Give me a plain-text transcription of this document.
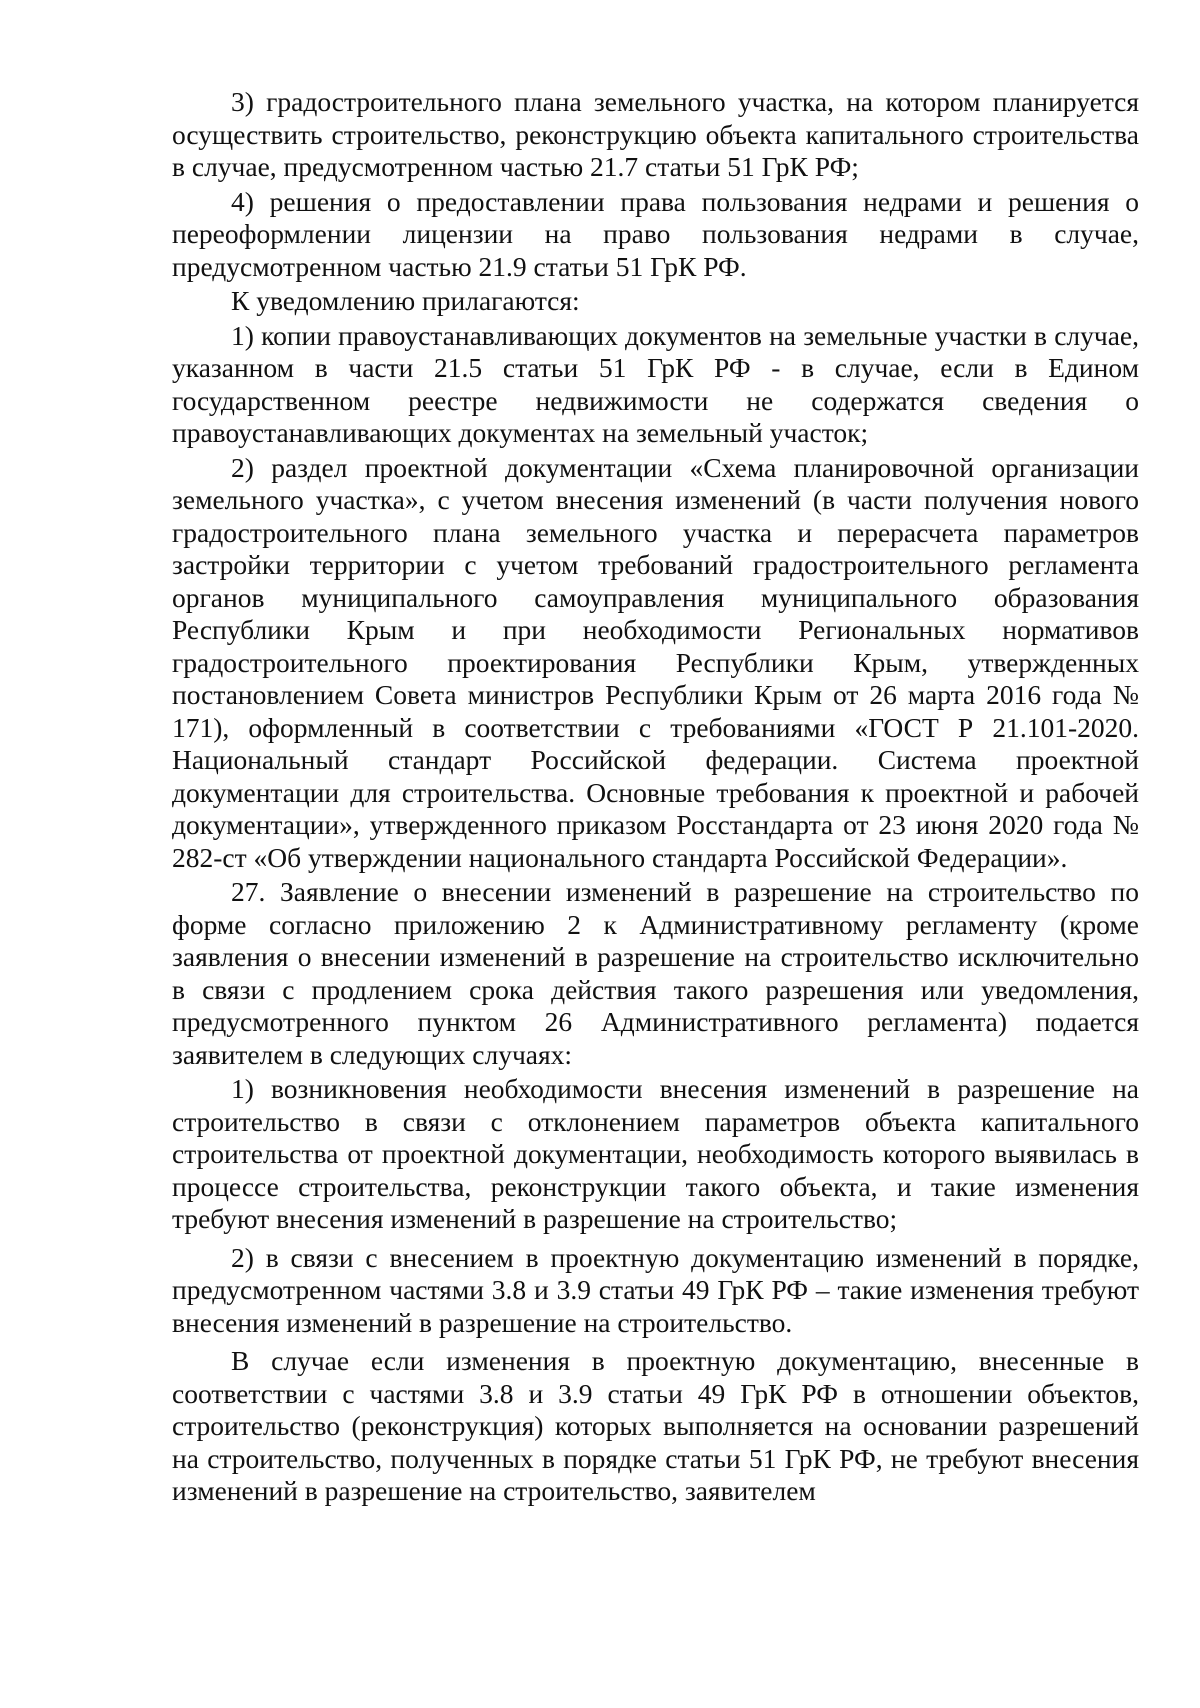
3) градостроительного плана земельного участка, на котором планируется осуществить строительство, реконструкцию объекта капитального строительства в случае, предусмотренном частью 21.7 статьи 51 ГрК РФ;

4) решения о предоставлении права пользования недрами и решения о переоформлении лицензии на право пользования недрами в случае, предусмотренном частью 21.9 статьи 51 ГрК РФ.

К уведомлению прилагаются:

1) копии правоустанавливающих документов на земельные участки в случае, указанном в части 21.5 статьи 51 ГрК РФ - в случае, если в Едином государственном реестре недвижимости не содержатся сведения о правоустанавливающих документах на земельный участок;

2) раздел проектной документации «Схема планировочной организации земельного участка», с учетом внесения изменений (в части получения нового градостроительного плана земельного участка и перерасчета параметров застройки территории с учетом требований градостроительного регламента органов муниципального самоуправления муниципального образования Республики Крым и при необходимости Региональных нормативов градостроительного проектирования Республики Крым, утвержденных постановлением Совета министров Республики Крым от 26 марта 2016 года № 171), оформленный в соответствии с требованиями «ГОСТ Р 21.101-2020. Национальный стандарт Российской федерации. Система проектной документации для строительства. Основные требования к проектной и рабочей документации», утвержденного приказом Росстандарта от 23 июня 2020 года № 282-ст «Об утверждении национального стандарта Российской Федерации».

27. Заявление о внесении изменений в разрешение на строительство по форме согласно приложению 2 к Административному регламенту (кроме заявления о внесении изменений в разрешение на строительство исключительно в связи с продлением срока действия такого разрешения или уведомления, предусмотренного пунктом 26 Административного регламента) подается заявителем в следующих случаях:

1) возникновения необходимости внесения изменений в разрешение на строительство в связи с отклонением параметров объекта капитального строительства от проектной документации, необходимость которого выявилась в процессе строительства, реконструкции такого объекта, и такие изменения требуют внесения изменений в разрешение на строительство;

2) в связи с внесением в проектную документацию изменений в порядке, предусмотренном частями 3.8 и 3.9 статьи 49 ГрК РФ – такие изменения требуют внесения изменений в разрешение на строительство.

В случае если изменения в проектную документацию, внесенные в соответствии с частями 3.8 и 3.9 статьи 49 ГрК РФ в отношении объектов, строительство (реконструкция) которых выполняется на основании разрешений на строительство, полученных в порядке статьи 51 ГрК РФ, не требуют внесения изменений в разрешение на строительство, заявителем
